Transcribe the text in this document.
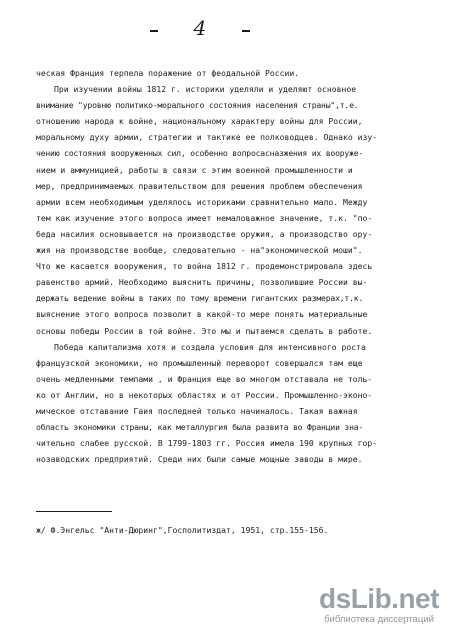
4
ческая Франция терпела поражение от феодальной России.
При изучении войны 1812 г. историки уделяли и уделяют основное
внимание "уровню политико-морального состояния населения страны",т.е.
отношению народа к войне, национальному характеру войны для России,
моральному духу армии, стратегии и тактике ее полководцев. Однако изу-
чению состояния вооруженных сил, особенно вопросасназжения их вооруже-
нием и аммуницией, работы в связи с этим военной промышленности и
мер, предпринимаемых правительством для решения проблем обеспечения
армии всем необходимым уделялось историками сравнительно мало. Между
тем как изучение этого вопроса имеет немаловажное значение, т.к. "по-
беда насилия основывается на производстве оружия, а производство ору-
жия на производстве вообще, следовательно - на"экономической моши".
Что же касается вооружения, то война 1812 г. продемонстрировала здесь
равенство армий. Необходимо выяснить причины, позволившие России вы-
держать ведение войны в таких по тому времени гигантских размерах,т.к.
выяснение этого вопроса позволит в какой-то мере понять материальные
основы победы России в той войне. Это мы и пытаемся сделать в работе.
Победа капитализма хотя и создала условия для интенсивного роста
французской экономики, но промышленный переворот совершался там еще
очень медленными темпами , и Франция еще во многом отставала не толь-
ко от Англии, но в некоторых областях и от России. Промышленно-эконо-
мическое отставание Гаия последней только начиналось. Такая важная
область экономики страны, как металлургия была развита во Франции зна-
чительно слабее русской. В 1799-1803 гг. Россия имела 190 крупных гор-
нозаводских предприятий. Среди них были самые мощные заводы в мире.
ж/ Ф.Энгельс "Анти-Дюринг",Госполитиздат, 1951, стр.155-156.
dsLib.net
библиотека диссертаций
